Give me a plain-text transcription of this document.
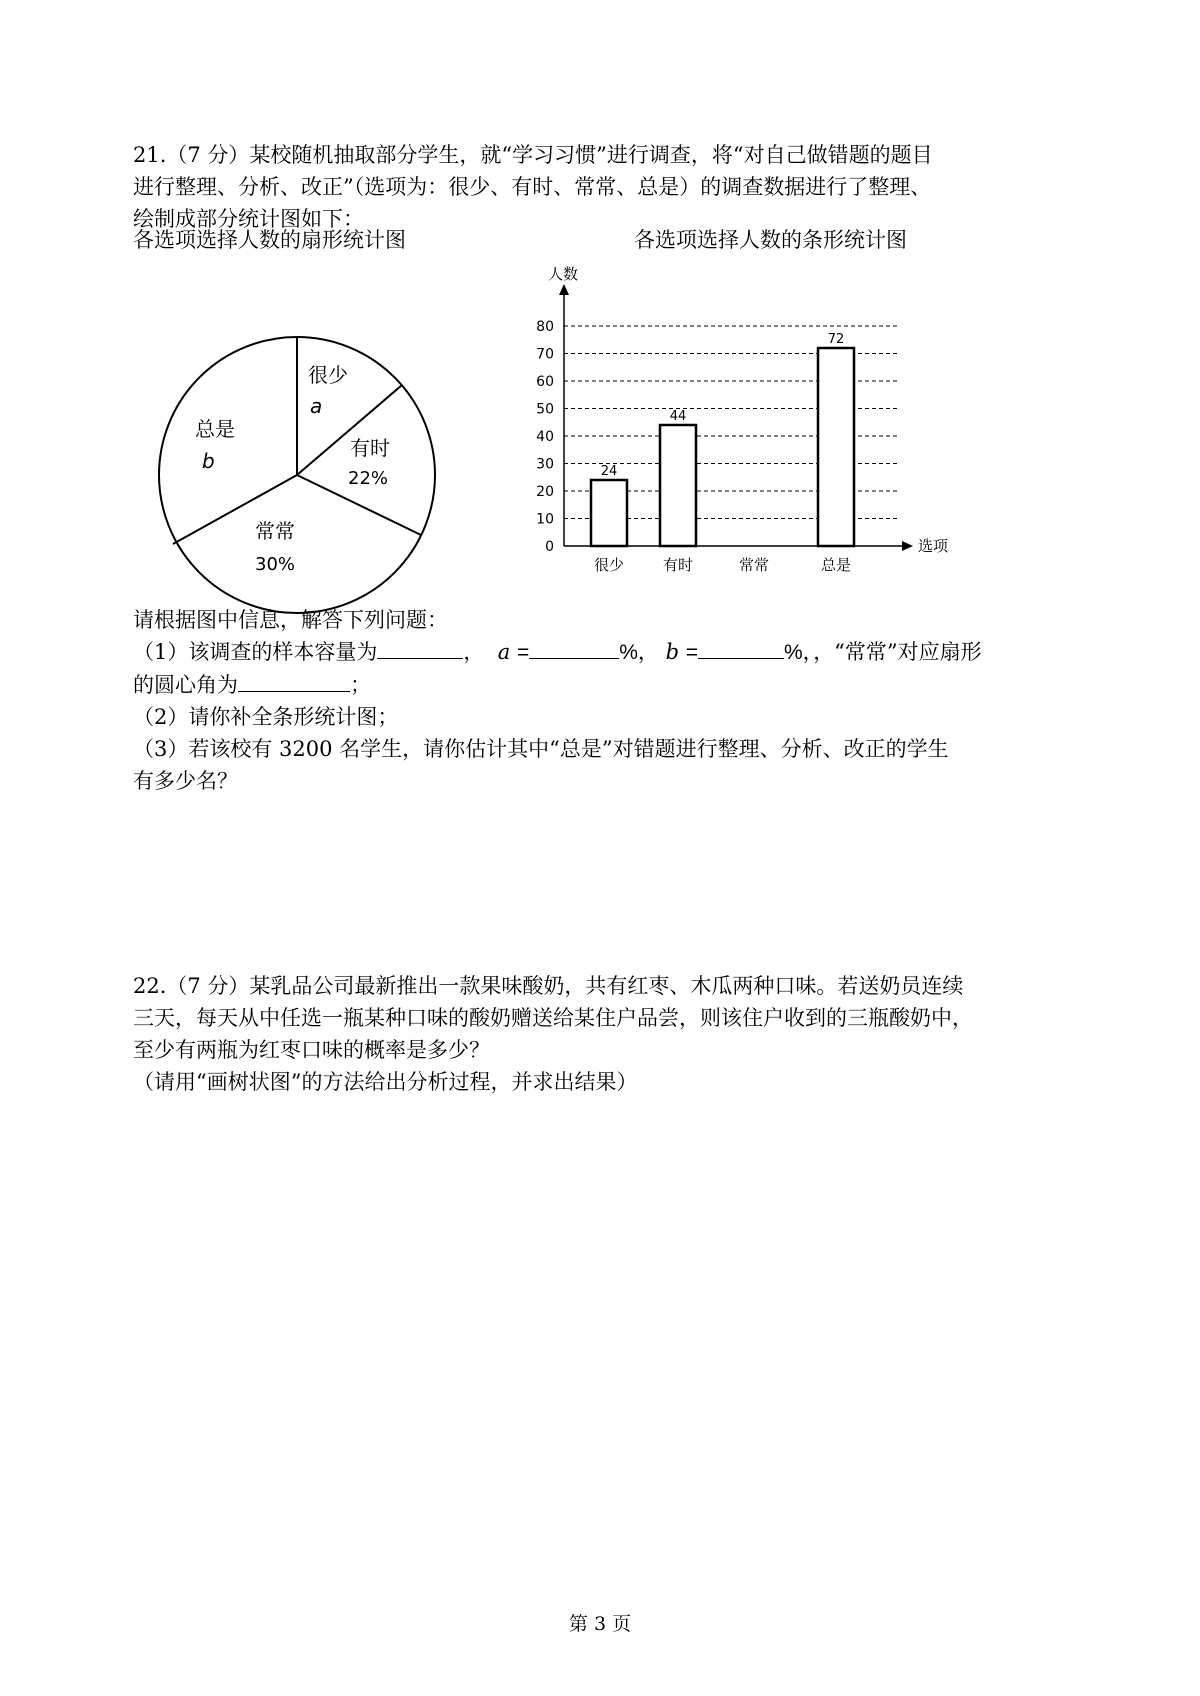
21.（7 分）某校随机抽取部分学生，就“学习习惯”进行调查，将“对自己做错题的题目

进行整理、分析、改正”（选项为：很少、有时、常常、总是）的调查数据进行了整理、

绘制成部分统计图如下：

各选项选择人数的扇形统计图	各选项选择人数的条形统计图
很少
a
有时
22%
常常
30%
总是
b
人数
选项
0
10
20
30
40
50
60
70
80
24
44
72
很少	有时	常常	总是

请根据图中信息，解答下列问题：

（1）该调查的样本容量为	， a =	%， b =	%，，“常常”对应扇形

的圆心角为	；

（2）请你补全条形统计图；

（3）若该校有 3200 名学生，请你估计其中“总是”对错题进行整理、分析、改正的学生

有多少名？

22.（7 分）某乳品公司最新推出一款果味酸奶，共有红枣、木瓜两种口味。若送奶员连续

三天，每天从中任选一瓶某种口味的酸奶赠送给某住户品尝，则该住户收到的三瓶酸奶中，

至少有两瓶为红枣口味的概率是多少？

（请用“画树状图”的方法给出分析过程，并求出结果）

第 3 页
